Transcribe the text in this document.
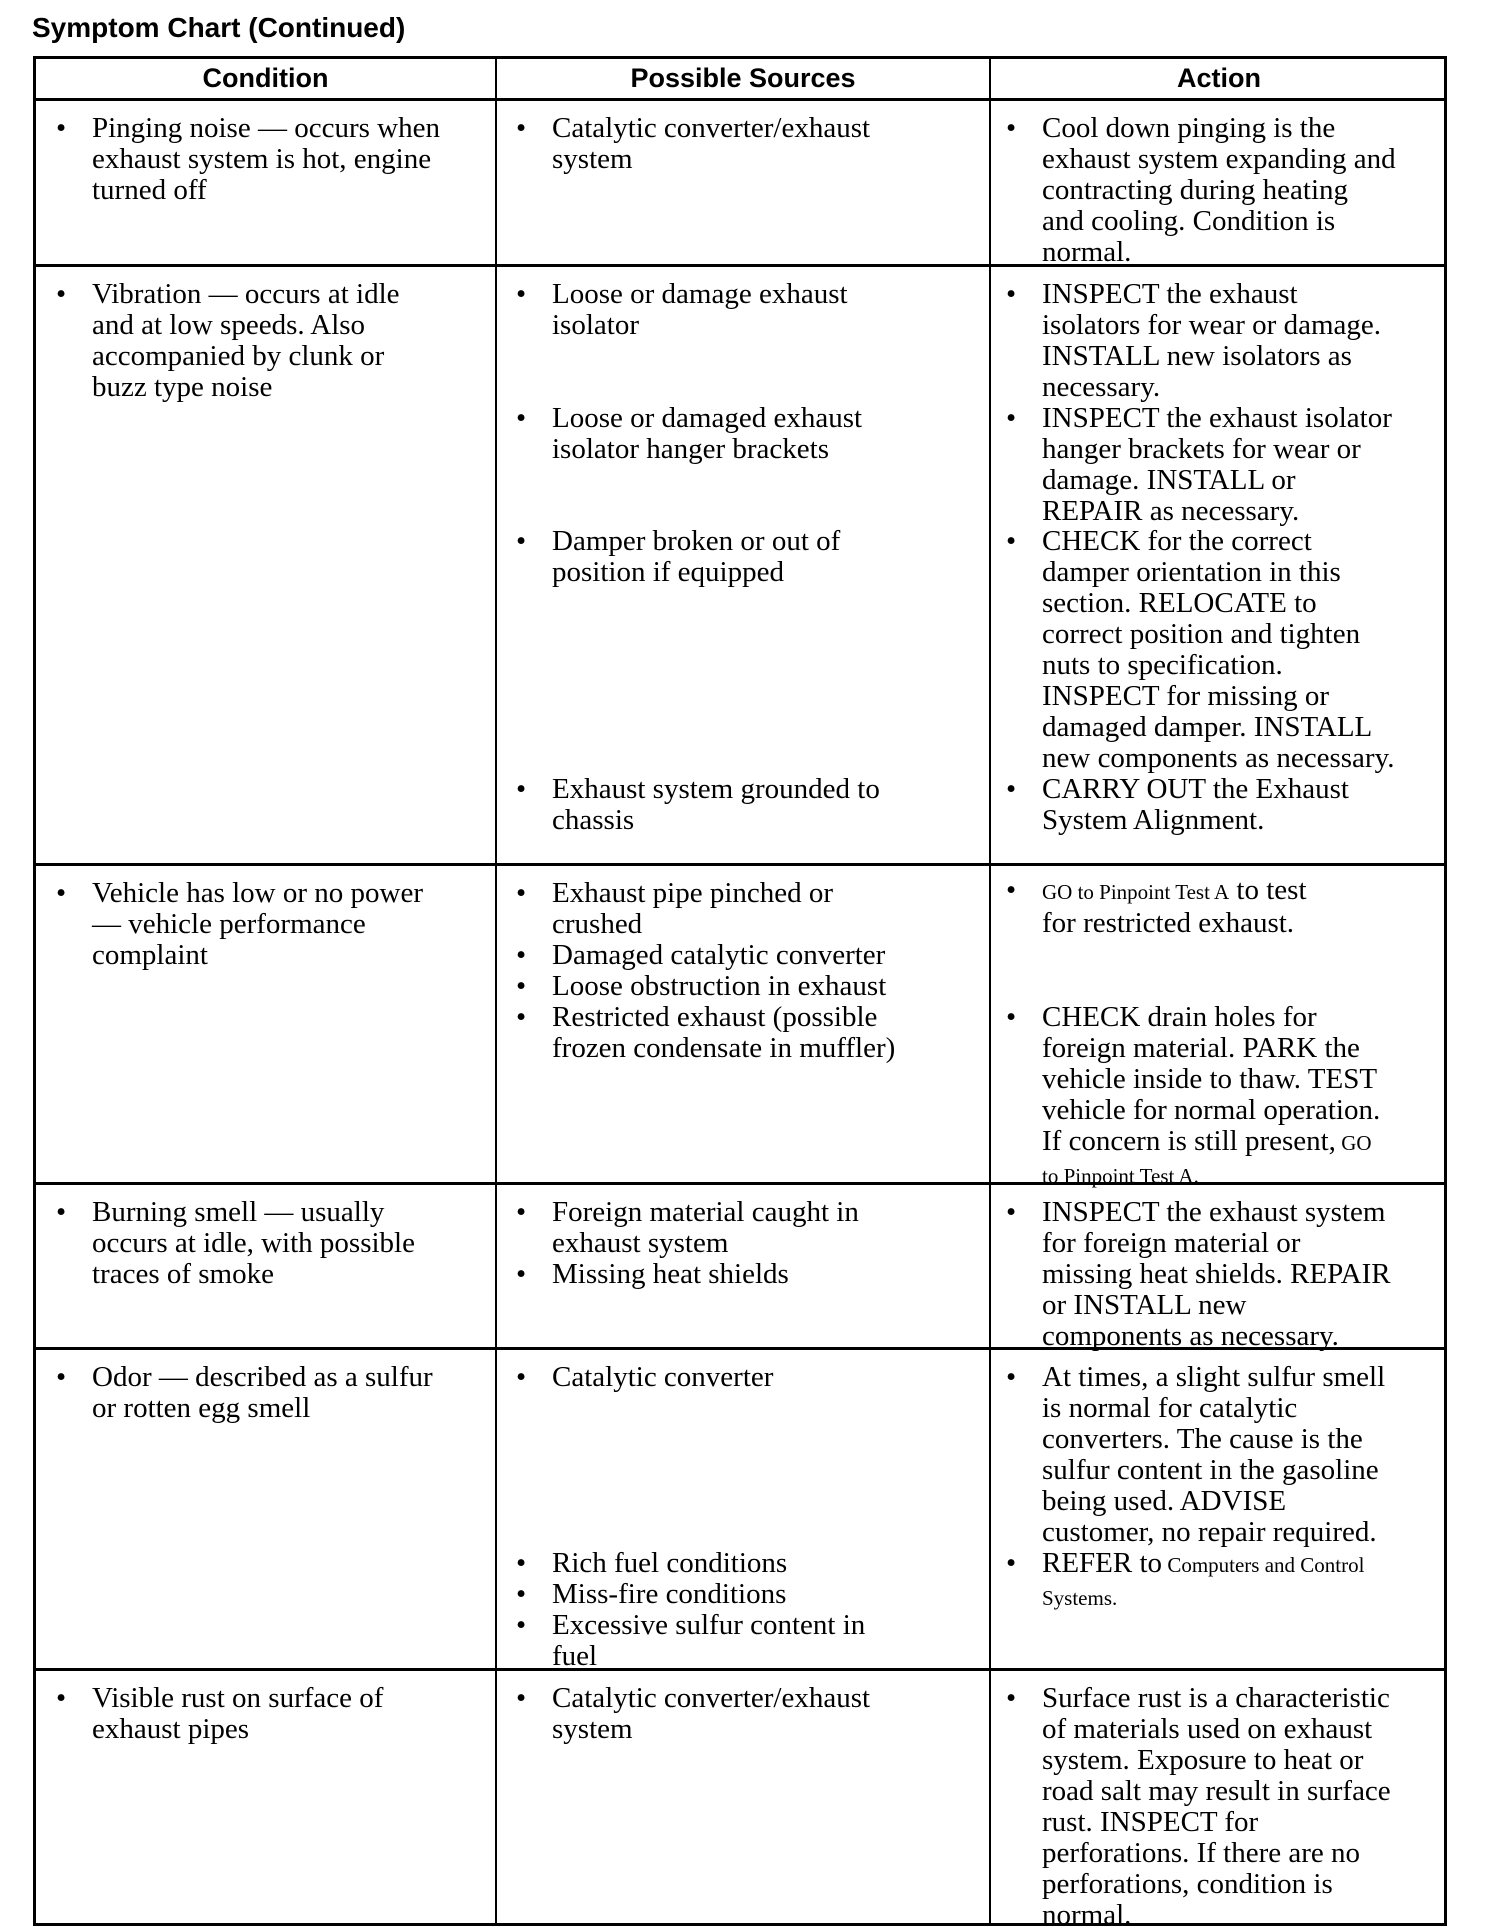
Symptom Chart (Continued)
Condition	Possible Sources	Action
• Pinging noise — occurs when
exhaust system is hot, engine
turned off
• Catalytic converter/exhaust
system
• Cool down pinging is the
exhaust system expanding and
contracting during heating
and cooling. Condition is
normal.
• Vibration — occurs at idle
and at low speeds. Also
accompanied by clunk or
buzz type noise
• Loose or damage exhaust
isolator
• Loose or damaged exhaust
isolator hanger brackets
• Damper broken or out of
position if equipped
• Exhaust system grounded to
chassis
• INSPECT the exhaust
isolators for wear or damage.
INSTALL new isolators as
necessary.
• INSPECT the exhaust isolator
hanger brackets for wear or
damage. INSTALL or
REPAIR as necessary.
• CHECK for the correct
damper orientation in this
section. RELOCATE to
correct position and tighten
nuts to specification.
INSPECT for missing or
damaged damper. INSTALL
new components as necessary.
• CARRY OUT the Exhaust
System Alignment.
• Vehicle has low or no power
— vehicle performance
complaint
• Exhaust pipe pinched or
crushed
• Damaged catalytic converter
• Loose obstruction in exhaust
• Restricted exhaust (possible
frozen condensate in muffler)
• GO to Pinpoint Test A to test
for restricted exhaust.
• CHECK drain holes for
foreign material. PARK the
vehicle inside to thaw. TEST
vehicle for normal operation.
If concern is still present, GO
to Pinpoint Test A.
• Burning smell — usually
occurs at idle, with possible
traces of smoke
• Foreign material caught in
exhaust system
• Missing heat shields
• INSPECT the exhaust system
for foreign material or
missing heat shields. REPAIR
or INSTALL new
components as necessary.
• Odor — described as a sulfur
or rotten egg smell
• Catalytic converter
• Rich fuel conditions
• Miss-fire conditions
• Excessive sulfur content in
fuel
• At times, a slight sulfur smell
is normal for catalytic
converters. The cause is the
sulfur content in the gasoline
being used. ADVISE
customer, no repair required.
• REFER to Computers and Control
Systems.
• Visible rust on surface of
exhaust pipes
• Catalytic converter/exhaust
system
• Surface rust is a characteristic
of materials used on exhaust
system. Exposure to heat or
road salt may result in surface
rust. INSPECT for
perforations. If there are no
perforations, condition is
normal.
